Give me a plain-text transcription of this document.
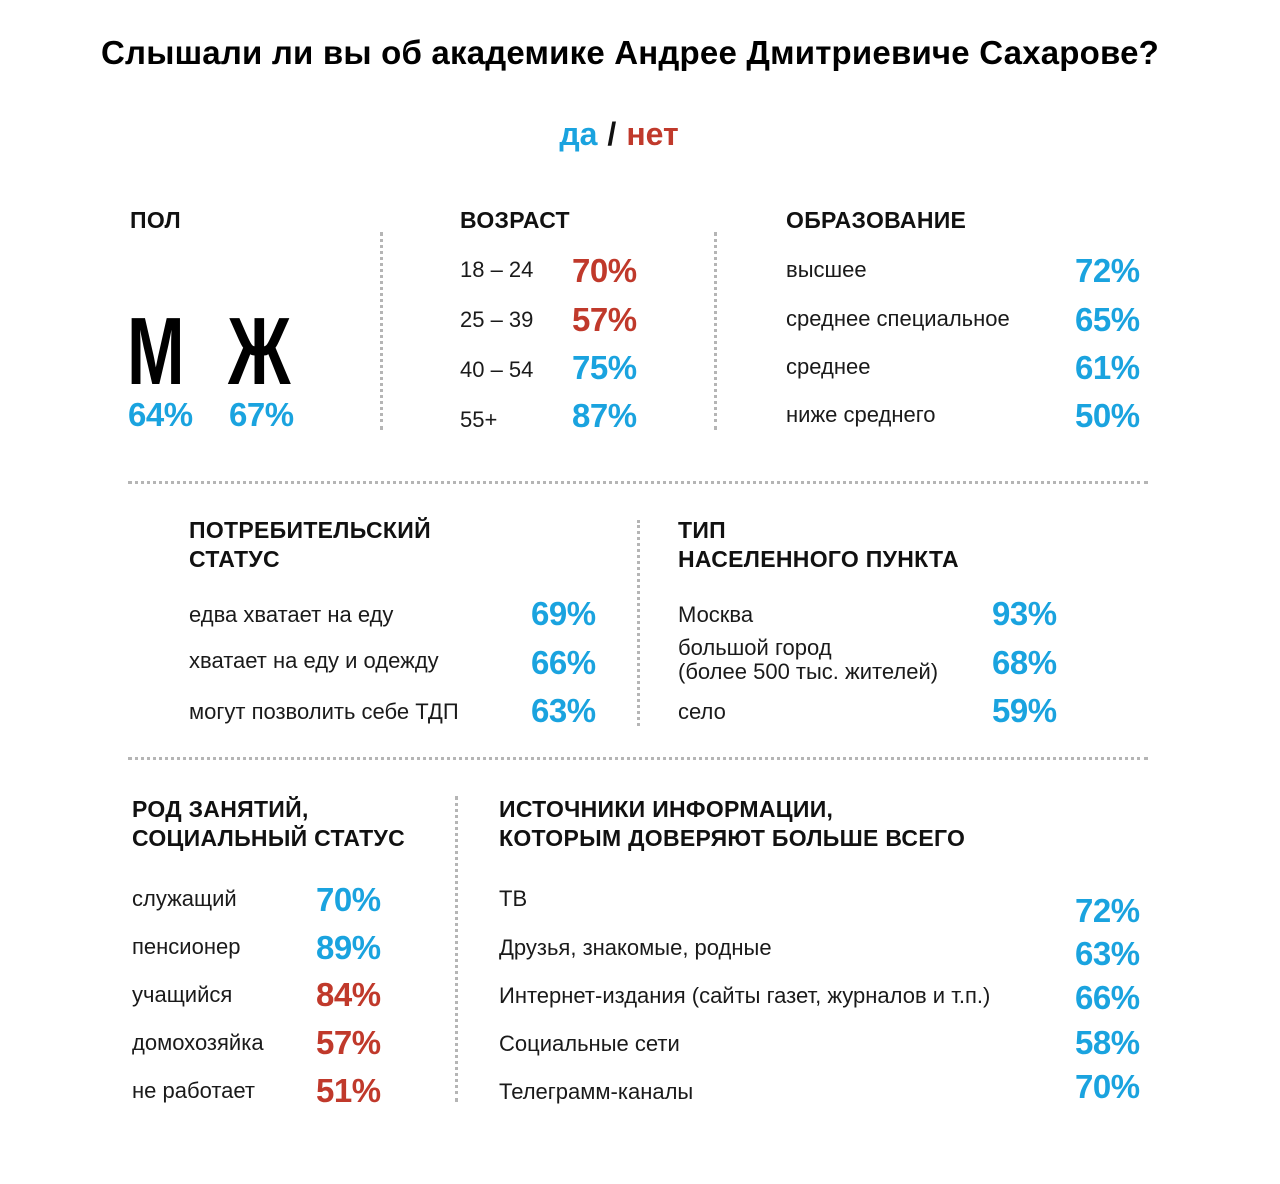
Слышали ли вы об академике Андрее Дмитриевиче Сахарове?
да / нет
ПОЛ
М Ж
64% 67%
ВОЗРАСТ
18 – 24 70%
25 – 39 57%
40 – 54 75%
55+ 87%
ОБРАЗОВАНИЕ
высшее	72%
среднее специальное 65%
среднее	61%
ниже среднего	50%
ПОТРЕБИТЕЛЬСКИЙ
СТАТУС
едва хватает на еду	69%
хватает на еду и одежду	66%
могут позволить себе ТДП 63%
ТИП
НАСЕЛЕННОГО ПУНКТА
Москва	93%
большой город
(более 500 тыс. жителей) 68%
село	59%
РОД ЗАНЯТИЙ,
СОЦИАЛЬНЫЙ СТАТУС
служащий 70%
пенсионер 89%
учащийся	84%
домохозяйка 57%
не работает 51%
ИСТОЧНИКИ ИНФОРМАЦИИ,
КОТОРЫМ ДОВЕРЯЮТ БОЛЬШЕ ВСЕГО
ТВ	72%
Друзья, знакомые, родные	63%
Интернет-издания (сайты газет, журналов и т.п.)	66%
Социальные сети	58%
Телеграмм-каналы	70%
